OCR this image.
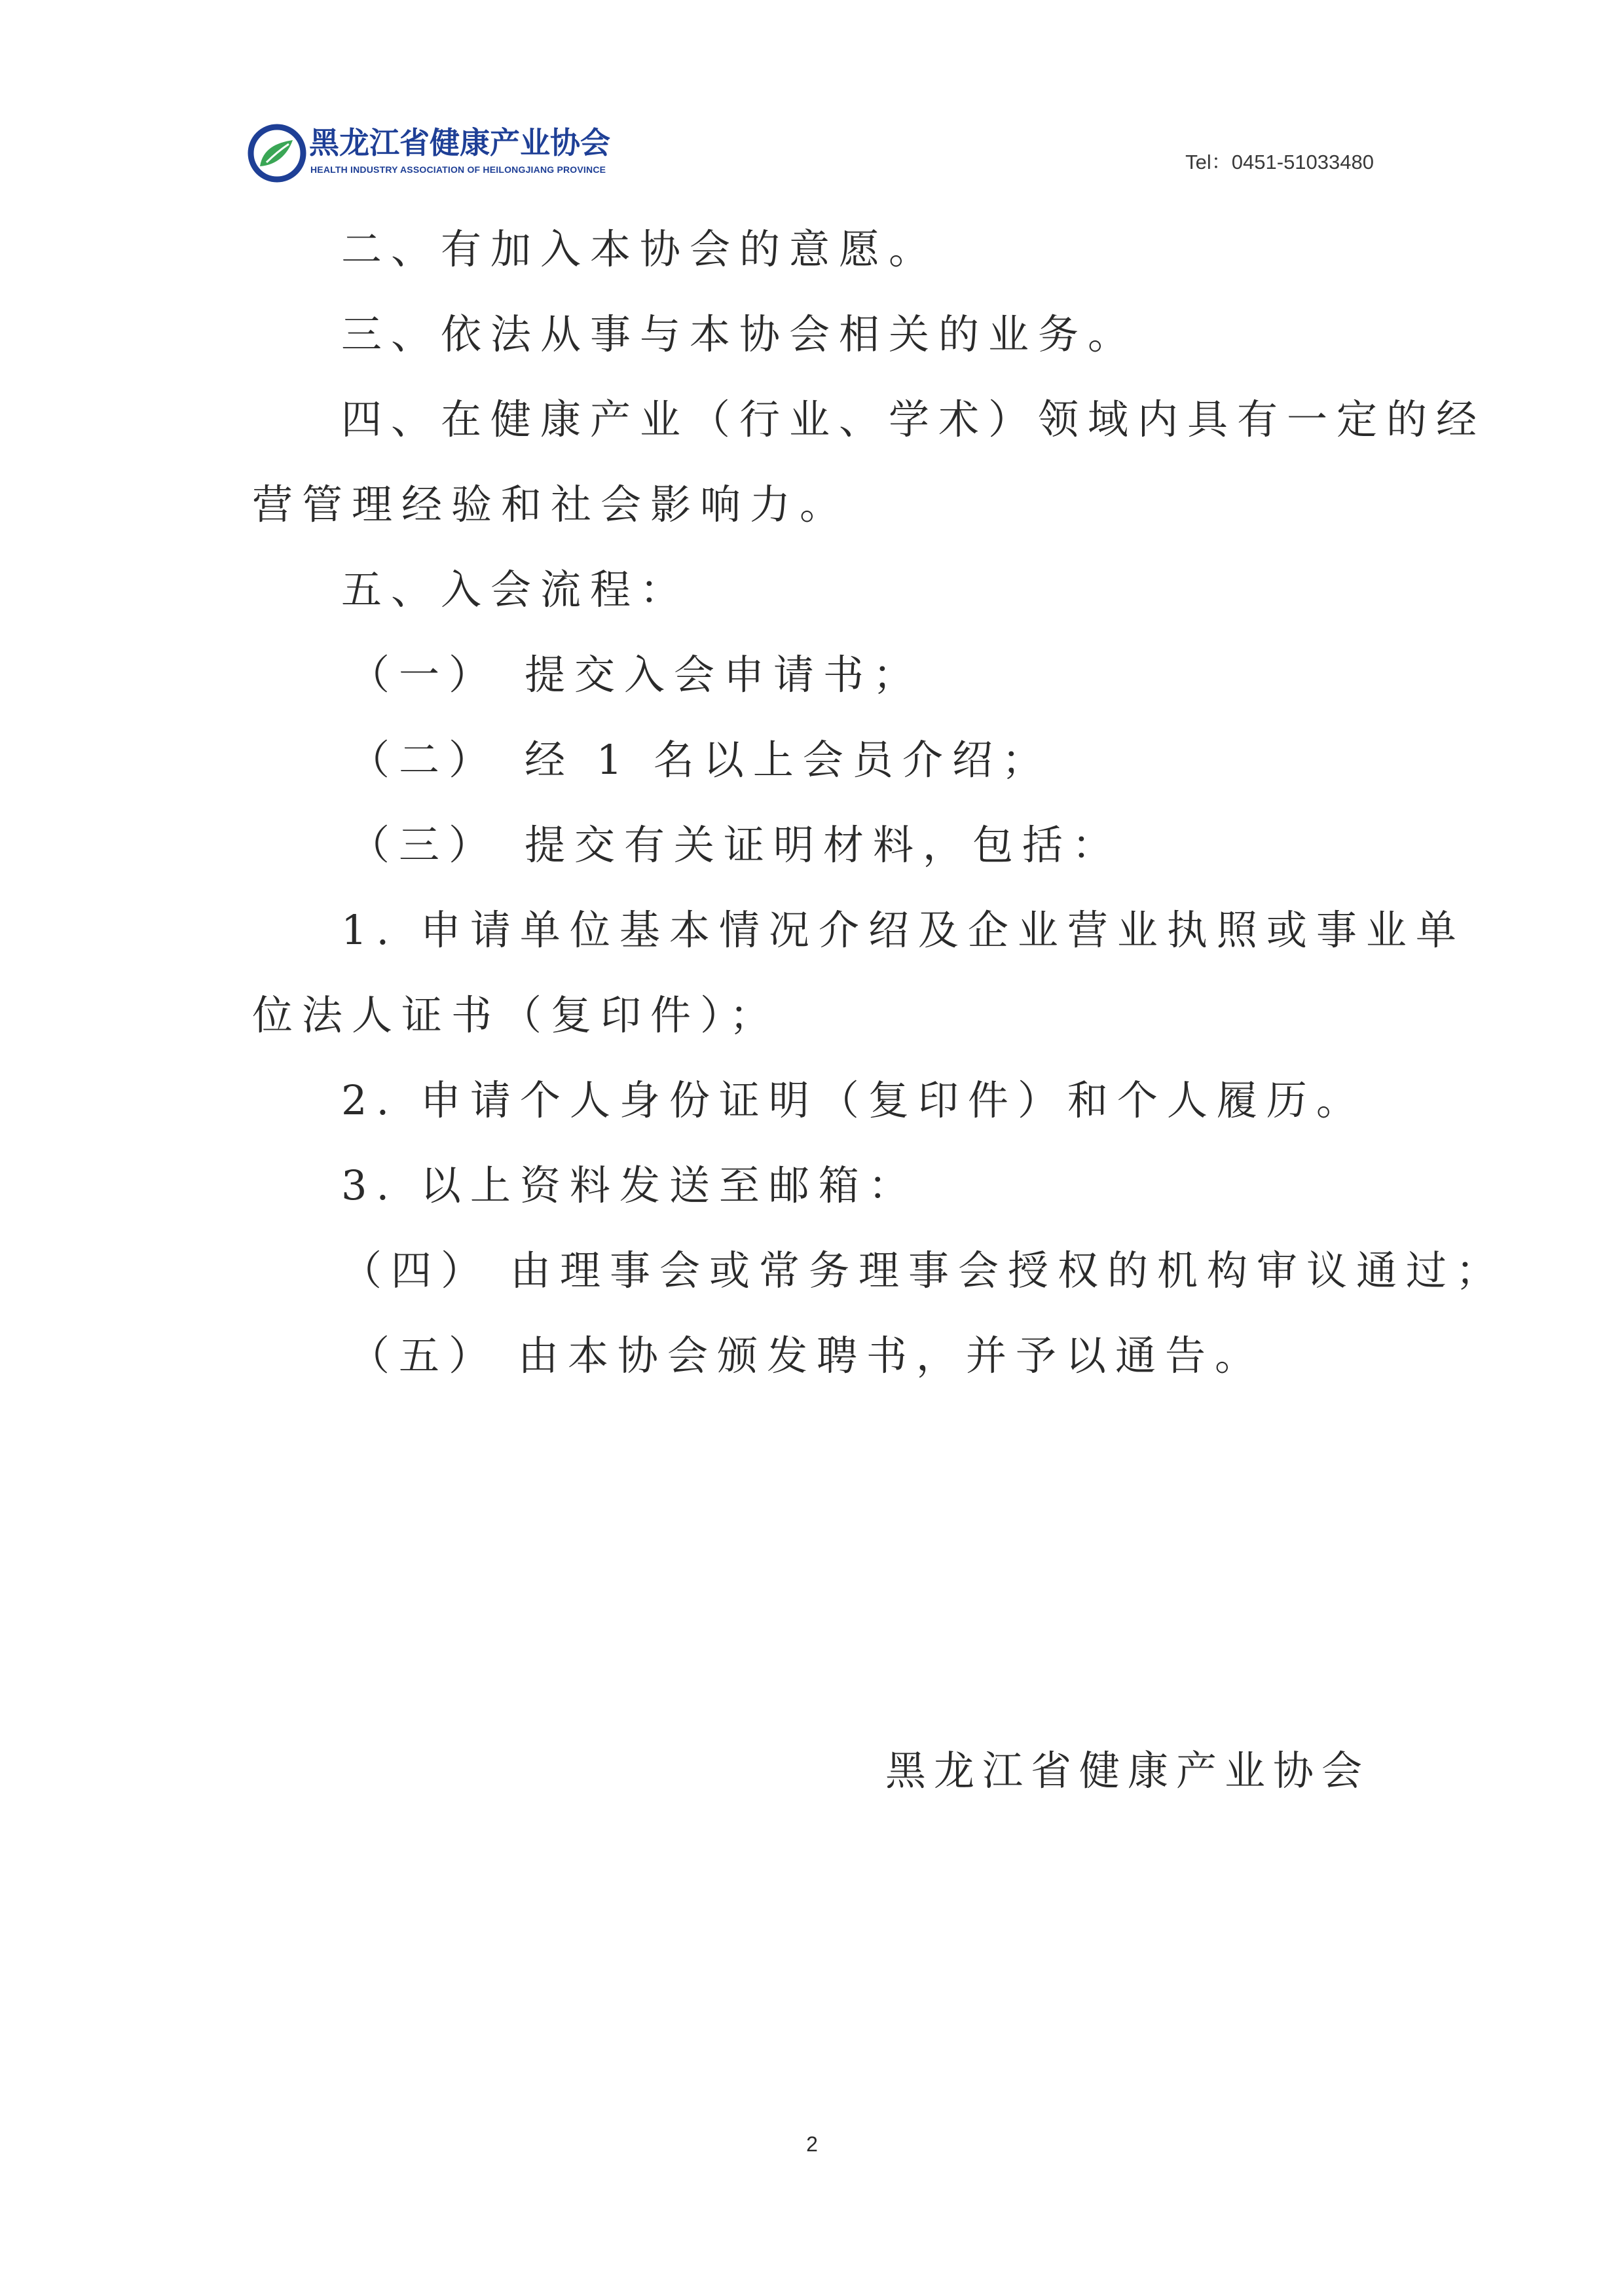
黑龙江省健康产业协会
HEALTH INDUSTRY ASSOCIATION OF HEILONGJIANG PROVINCE	Tel：0451-51033480
二、有加入本协会的意愿。
三、依法从事与本协会相关的业务。
四、在健康产业（行业、学术）领域内具有一定的经
营管理经验和社会影响力。
五、入会流程：
（一） 提交入会申请书；
（二） 经 1 名以上会员介绍；
（三） 提交有关证明材料，包括：
1. 申请单位基本情况介绍及企业营业执照或事业单
位法人证书（复印件）；
2. 申请个人身份证明（复印件）和个人履历。
3. 以上资料发送至邮箱：
（四） 由理事会或常务理事会授权的机构审议通过；
（五） 由本协会颁发聘书，并予以通告。
黑龙江省健康产业协会
2
